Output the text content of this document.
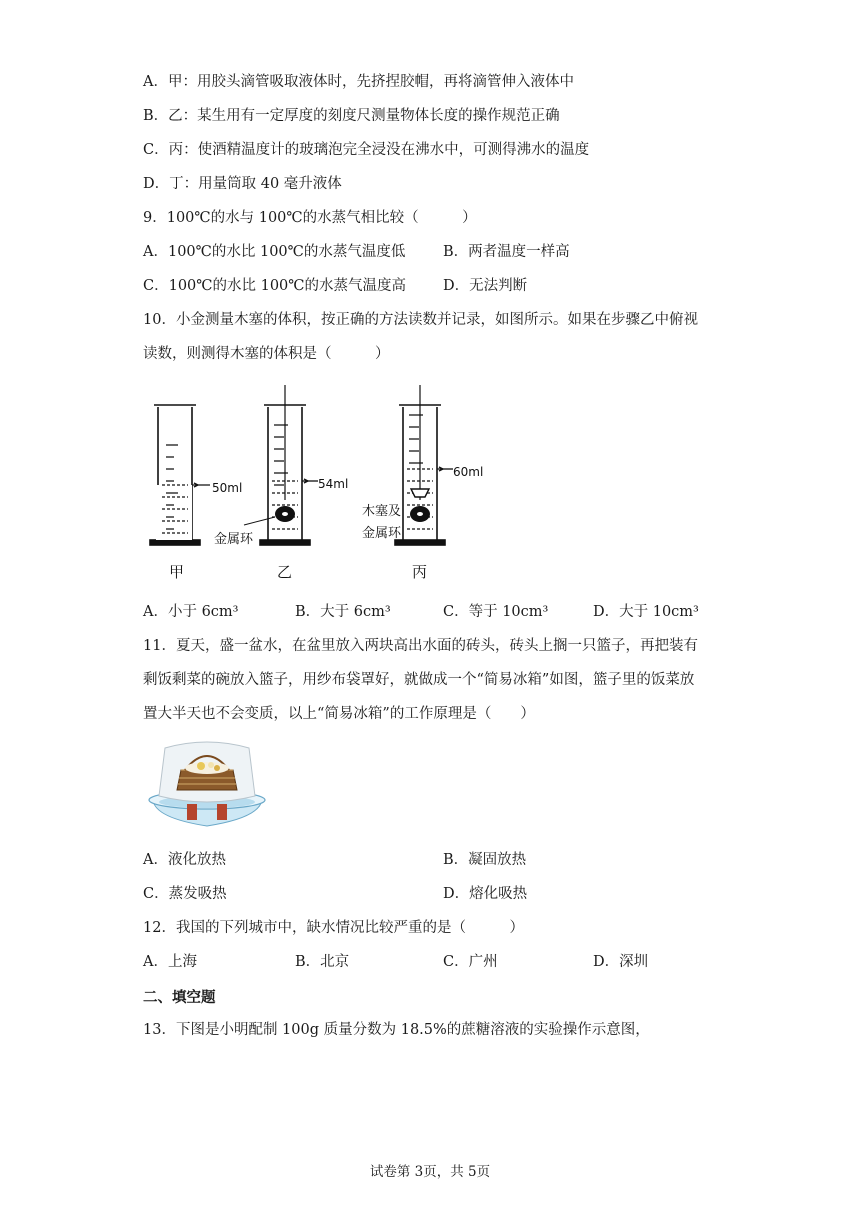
A．甲：用胶头滴管吸取液体时，先挤捏胶帽，再将滴管伸入液体中
B．乙：某生用有一定厚度的刻度尺测量物体长度的操作规范正确
C．丙：使酒精温度计的玻璃泡完全浸没在沸水中，可测得沸水的温度
D．丁：用量筒取 40 毫升液体
9．100℃的水与 100℃的水蒸气相比较（　　　）
A．100℃的水比 100℃的水蒸气温度低	B．两者温度一样高
C．100℃的水比 100℃的水蒸气温度高	D．无法判断
10．小金测量木塞的体积，按正确的方法读数并记录，如图所示。如果在步骤乙中俯视
读数，则测得木塞的体积是（　　　）
50ml	54ml
金属环
60ml
木塞及
金属环
甲	乙	丙
A．小于 6cm³	B．大于 6cm³	C．等于 10cm³	D．大于 10cm³
11．夏天，盛一盆水，在盆里放入两块高出水面的砖头，砖头上搁一只篮子，再把装有
剩饭剩菜的碗放入篮子，用纱布袋罩好，就做成一个“简易冰箱”如图，篮子里的饭菜放
置大半天也不会变质，以上“简易冰箱”的工作原理是（　　）
A．液化放热	B．凝固放热
C．蒸发吸热	D．熔化吸热
12．我国的下列城市中，缺水情况比较严重的是（　　　）
A．上海	B．北京	C．广州	D．深圳
二、填空题
13．下图是小明配制 100g 质量分数为 18.5%的蔗糖溶液的实验操作示意图，
试卷第 3页，共 5页
